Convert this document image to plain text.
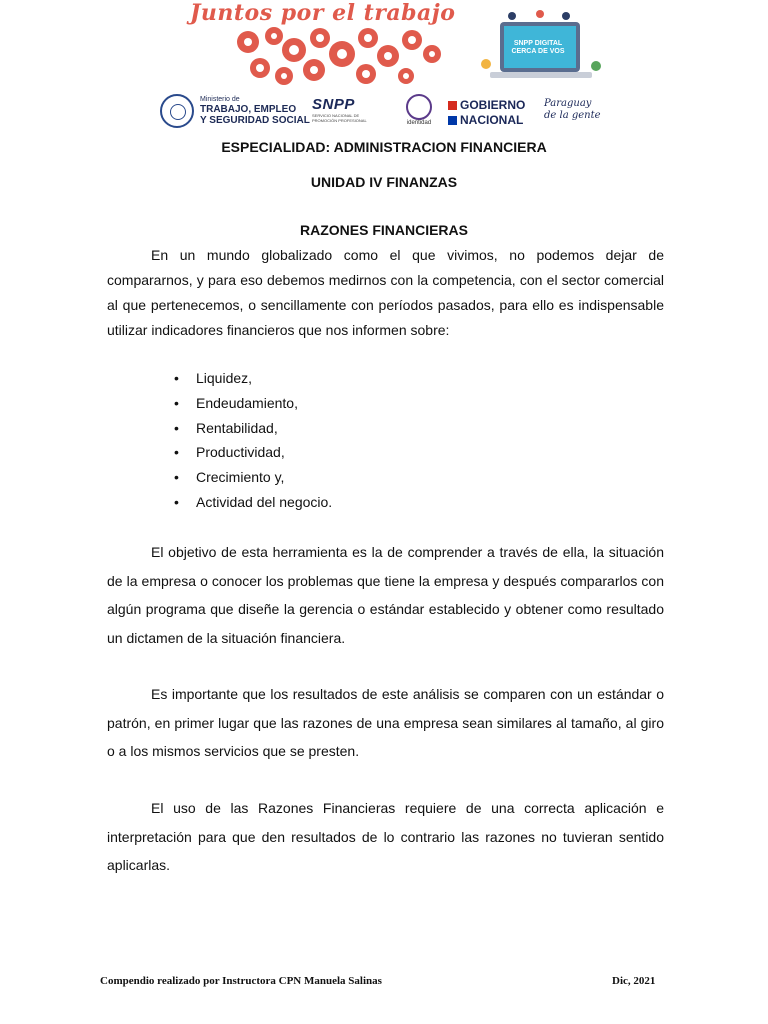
Juntos por el trabajo
SNPP DIGITAL CERCA DE VOS
Ministerio de
TRABAJO, EMPLEO
Y SEGURIDAD SOCIAL
SNPP
SERVICIO NACIONAL DE PROMOCIÓN PROFESIONAL	identidad
GOBIERNO
NACIONAL
Paraguay
de la gente
ESPECIALIDAD: ADMINISTRACION FINANCIERA
UNIDAD IV FINANZAS
RAZONES FINANCIERAS

En un mundo globalizado como el que vivimos, no podemos dejar de compararnos, y para eso debemos medirnos con la competencia, con el sector comercial al que pertenecemos, o sencillamente con períodos pasados, para ello es indispensable utilizar indicadores financieros que nos informen sobre:

• Liquidez,
• Endeudamiento,
• Rentabilidad,
• Productividad,
• Crecimiento y,
• Actividad del negocio.

El objetivo de esta herramienta es la de comprender a través de ella, la situación de la empresa o conocer los problemas que tiene la empresa y después compararlos con algún programa que diseñe la gerencia o estándar establecido y obtener como resultado un dictamen de la situación financiera.

Es importante que los resultados de este análisis se comparen con un estándar o patrón, en primer lugar que las razones de una empresa sean similares al tamaño, al giro o a los mismos servicios que se presten.

El uso de las Razones Financieras requiere de una correcta aplicación e interpretación para que den resultados de lo contrario las razones no tuvieran sentido aplicarlas.

Compendio realizado por Instructora CPN Manuela Salinas	Dic, 2021
